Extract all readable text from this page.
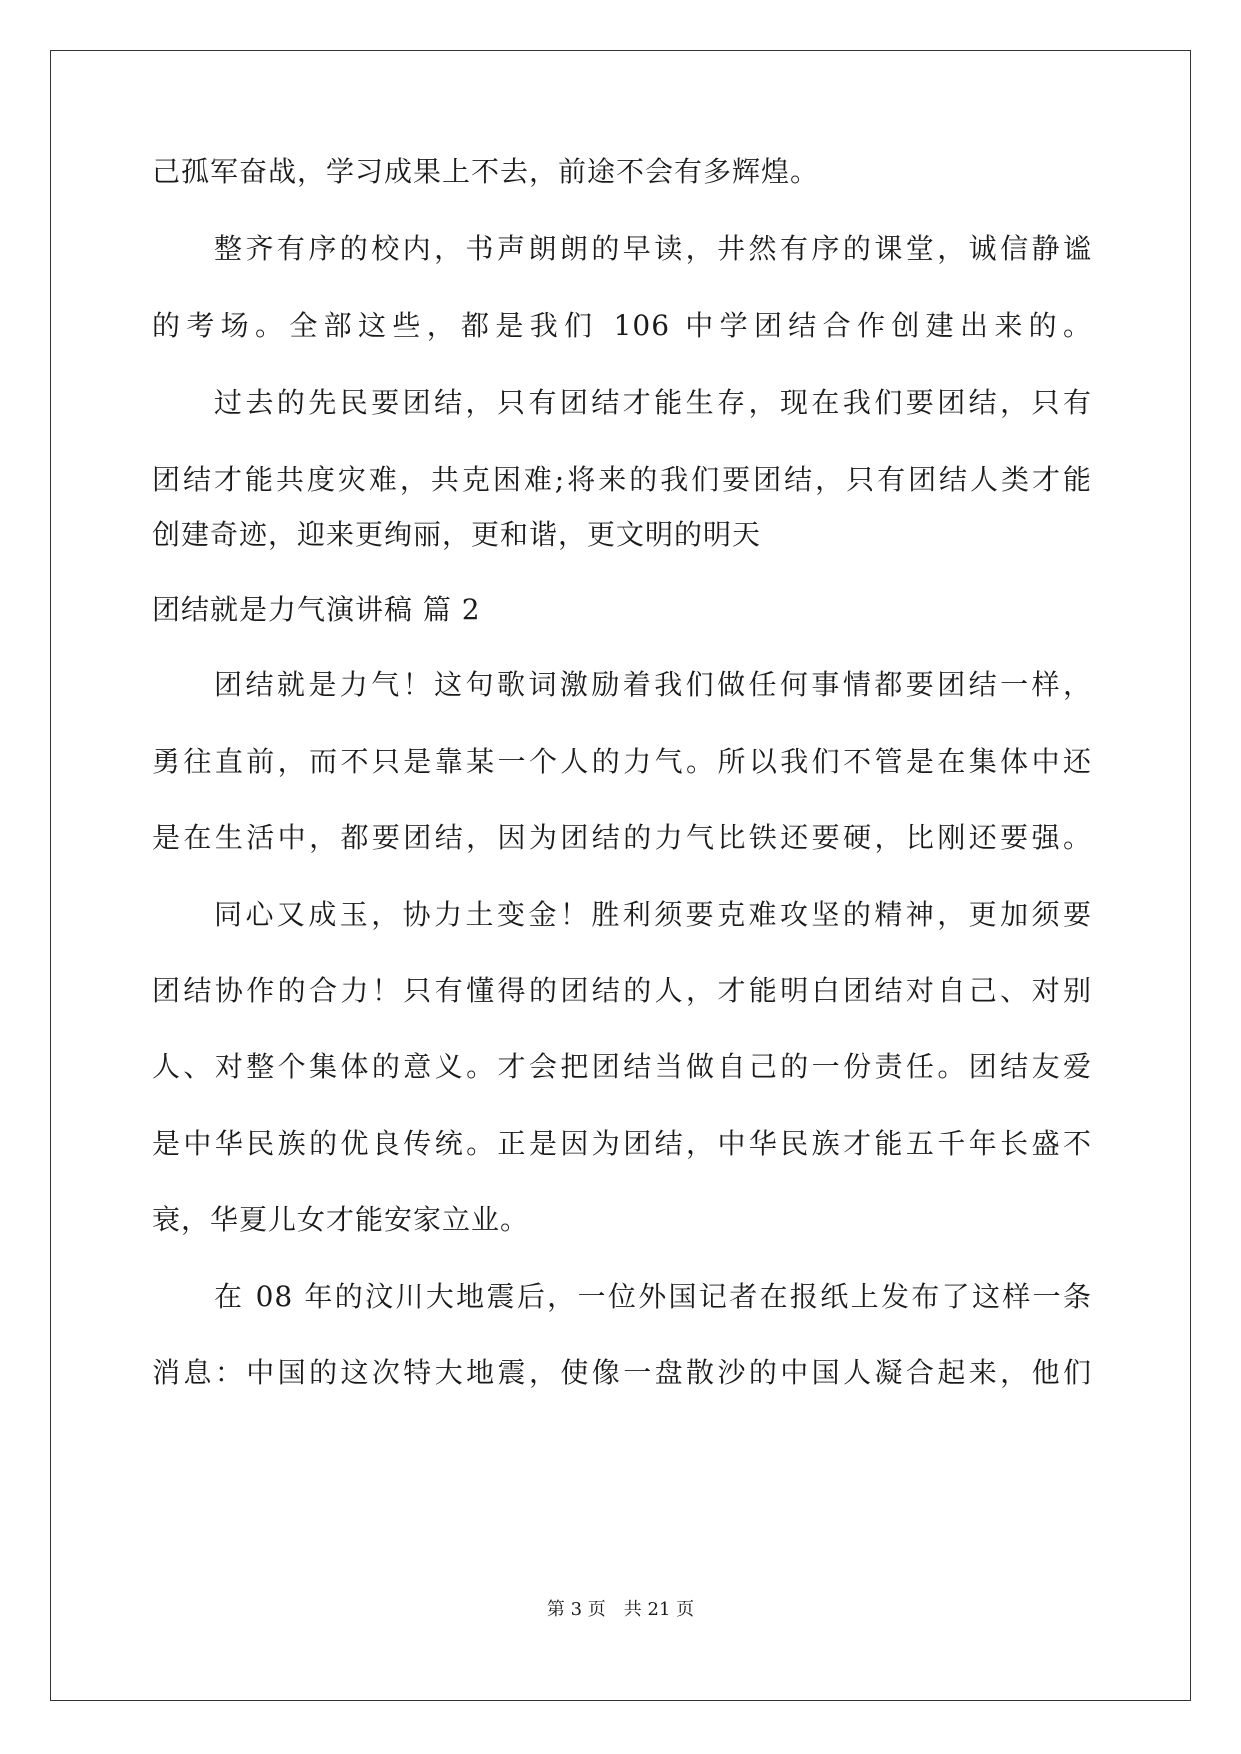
己孤军奋战，学习成果上不去，前途不会有多辉煌。
整齐有序的校内，书声朗朗的早读，井然有序的课堂，诚信静谧
的考场。全部这些，都是我们 106 中学团结合作创建出来的。
过去的先民要团结，只有团结才能生存，现在我们要团结，只有
团结才能共度灾难，共克困难;将来的我们要团结，只有团结人类才能
创建奇迹，迎来更绚丽，更和谐，更文明的明天
团结就是力气演讲稿 篇 2
团结就是力气！这句歌词激励着我们做任何事情都要团结一样，
勇往直前，而不只是靠某一个人的力气。所以我们不管是在集体中还
是在生活中，都要团结，因为团结的力气比铁还要硬，比刚还要强。
同心又成玉，协力土变金！胜利须要克难攻坚的精神，更加须要
团结协作的合力！只有懂得的团结的人，才能明白团结对自己、对别
人、对整个集体的意义。才会把团结当做自己的一份责任。团结友爱
是中华民族的优良传统。正是因为团结，中华民族才能五千年长盛不
衰，华夏儿女才能安家立业。
在 08 年的汶川大地震后，一位外国记者在报纸上发布了这样一条
消息：中国的这次特大地震，使像一盘散沙的中国人凝合起来，他们
第 3 页　共 21 页
